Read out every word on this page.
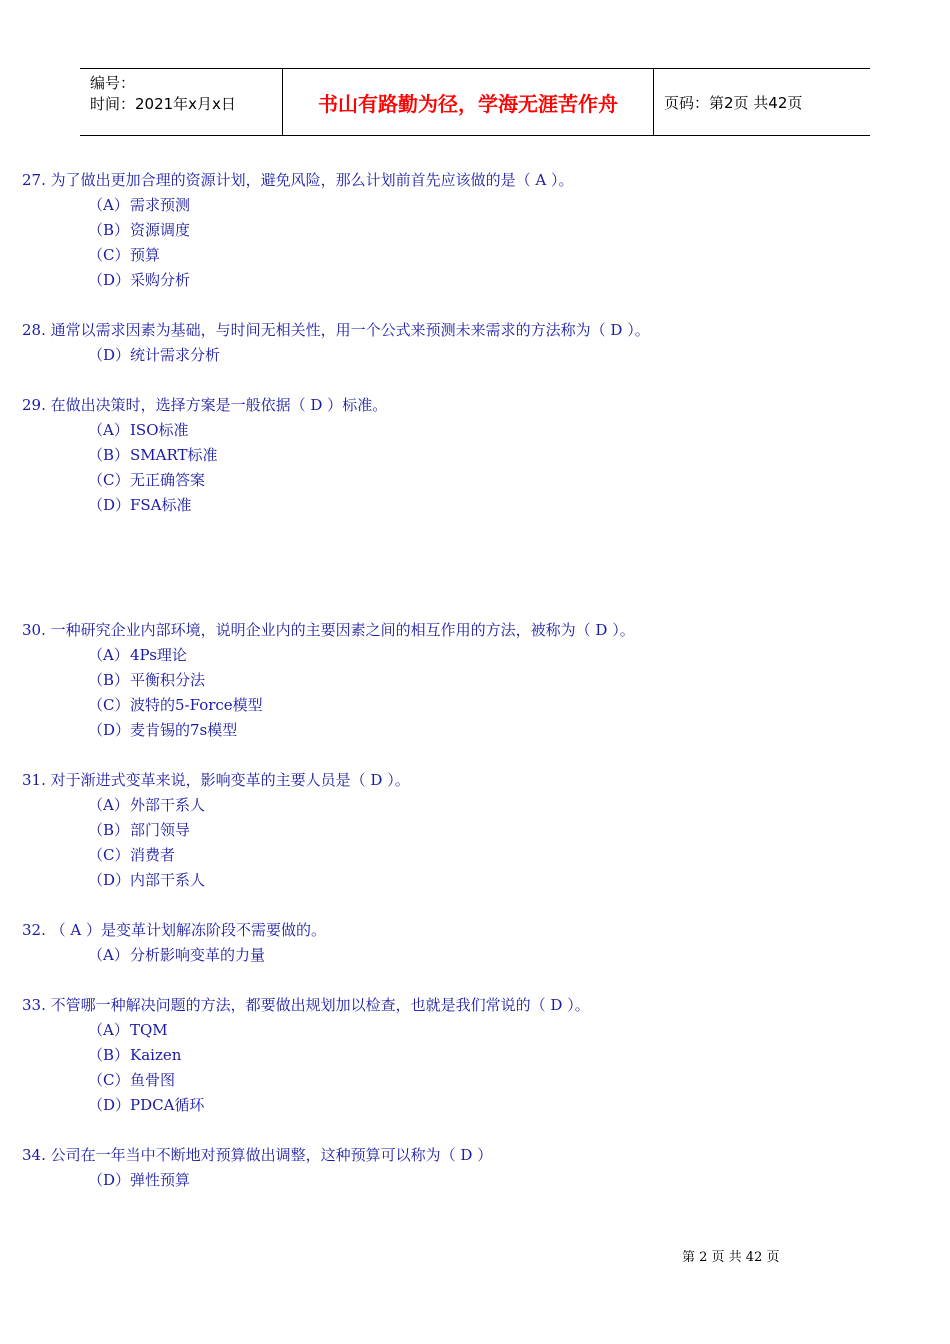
编号：
时间：2021年x月x日	书山有路勤为径，学海无涯苦作舟	页码：第2页 共42页
27. 为了做出更加合理的资源计划，避免风险，那么计划前首先应该做的是（ A ）。
（A）需求预测
（B）资源调度
（C）预算
（D）采购分析
28. 通常以需求因素为基础，与时间无相关性，用一个公式来预测未来需求的方法称为（ D ）。
（D）统计需求分析
29. 在做出决策时，选择方案是一般依据（ D ）标准。
（A）ISO标准
（B）SMART标准
（C）无正确答案
（D）FSA标准
30. 一种研究企业内部环境，说明企业内的主要因素之间的相互作用的方法，被称为（ D ）。
（A）4Ps理论
（B）平衡积分法
（C）波特的5-Force模型
（D）麦肯锡的7s模型
31. 对于渐进式变革来说，影响变革的主要人员是（ D ）。
（A）外部干系人
（B）部门领导
（C）消费者
（D）内部干系人
32. （ A ）是变革计划解冻阶段不需要做的。
（A）分析影响变革的力量
33. 不管哪一种解决问题的方法，都要做出规划加以检查，也就是我们常说的（ D ）。
（A）TQM
（B）Kaizen
（C）鱼骨图
（D）PDCA循环
34. 公司在一年当中不断地对预算做出调整，这种预算可以称为（ D ）
（D）弹性预算
第 2 页 共 42 页
